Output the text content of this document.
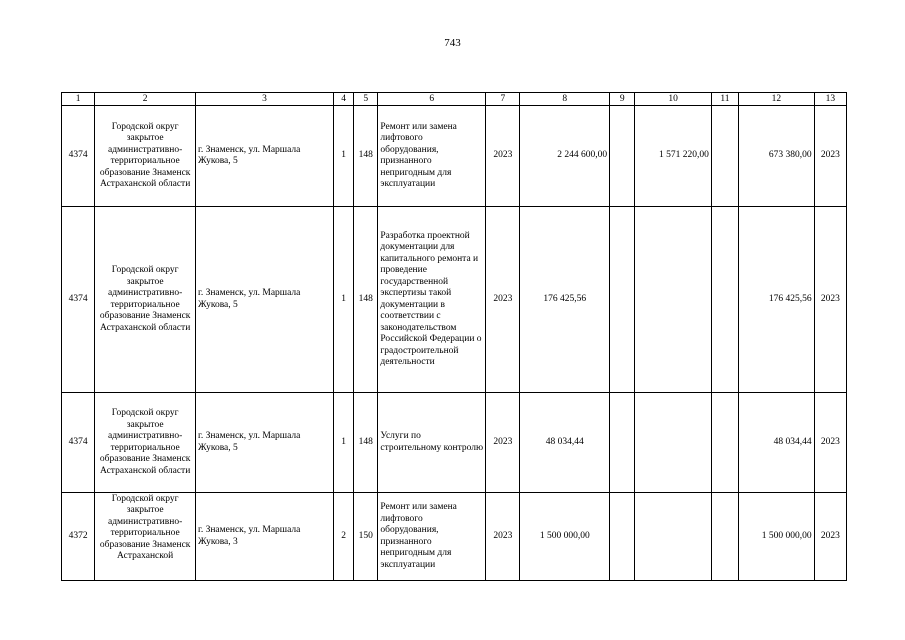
743
1	2	3	4	5	6	7	8	9	10	11	12	13
4374	Городской округ закрытое административно-территориальное образование Знаменск Астраханской области	г. Знаменск, ул. Маршала Жукова, 5	1	148	Ремонт или замена лифтового оборудования, признанного непригодным для эксплуатации	2023	2 244 600,00		1 571 220,00		673 380,00	2023
4374	Городской округ закрытое административно-территориальное образование Знаменск Астраханской области	г. Знаменск, ул. Маршала Жукова, 5	1	148	Разработка проектной документации для капитального ремонта и проведение государственной экспертизы такой документации в соответствии с законодательством Российской Федерации о градостроительной деятельности	2023	176 425,56				176 425,56	2023
4374	Городской округ закрытое административно-территориальное образование Знаменск Астраханской области	г. Знаменск, ул. Маршала Жукова, 5	1	148	Услуги по строительному контролю	2023	48 034,44				48 034,44	2023
4372	Городской округ закрытое административно-территориальное образование Знаменск Астраханской	г. Знаменск, ул. Маршала Жукова, 3	2	150	Ремонт или замена лифтового оборудования, признанного непригодным для эксплуатации	2023	1 500 000,00				1 500 000,00	2023
